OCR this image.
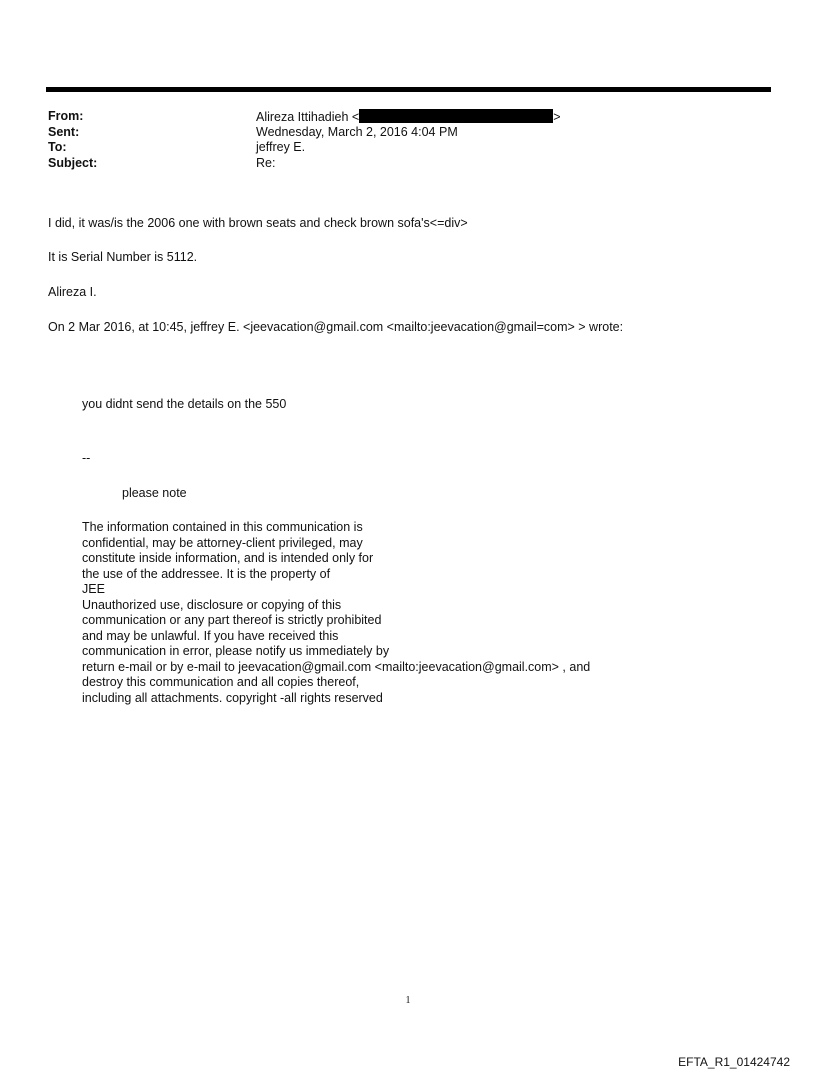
From:	Alireza Ittihadieh <	>
Sent:	Wednesday, March 2, 2016 4:04 PM
To:	jeffrey E.
Subject:	Re:
I did, it was/is the 2006 one with brown seats and check brown sofa's<=div>
It is Serial Number is 5112.
Alireza I.
On 2 Mar 2016, at 10:45, jeffrey E. <jeevacation@gmail.com <mailto:jeevacation@gmail=com> > wrote:
you didnt send the details on the 550
--
please note
The information contained in this communication is
confidential, may be attorney-client privileged, may
constitute inside information, and is intended only for
the use of the addressee. It is the property of
JEE
Unauthorized use, disclosure or copying of this
communication or any part thereof is strictly prohibited
and may be unlawful. If you have received this
communication in error, please notify us immediately by
return e-mail or by e-mail to jeevacation@gmail.com <mailto:jeevacation@gmail.com> , and
destroy this communication and all copies thereof,
including all attachments. copyright -all rights reserved
1
EFTA_R1_01424742
